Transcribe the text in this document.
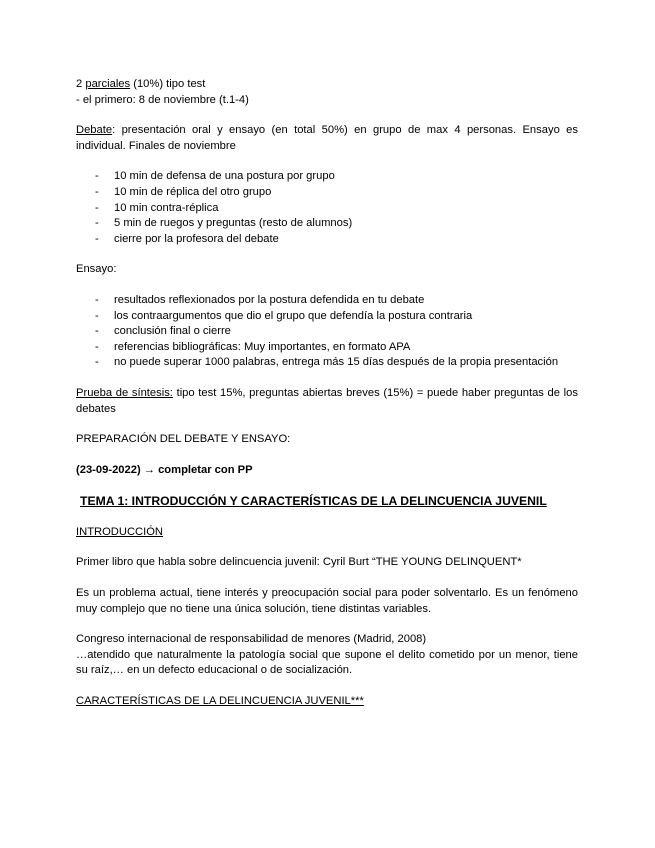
2 parciales (10%) tipo test

- el primero: 8 de noviembre (t.1-4)

Debate: presentación oral y ensayo (en total 50%) en grupo de max 4 personas. Ensayo es individual. Finales de noviembre

- 10 min de defensa de una postura por grupo
- 10 min de réplica del otro grupo
- 10 min contra-réplica
- 5 min de ruegos y preguntas (resto de alumnos)
- cierre por la profesora del debate

Ensayo:

- resultados reflexionados por la postura defendida en tu debate
- los contraargumentos que dio el grupo que defendía la postura contraria
- conclusión final o cierre
- referencias bibliográficas: Muy importantes, en formato APA
- no puede superar 1000 palabras, entrega más 15 días después de la propia presentación

Prueba de síntesis: tipo test 15%, preguntas abiertas breves (15%) = puede haber preguntas de los debates

PREPARACIÓN DEL DEBATE Y ENSAYO:

(23-09-2022) → completar con PP

TEMA 1: INTRODUCCIÓN Y CARACTERÍSTICAS DE LA DELINCUENCIA JUVENIL

INTRODUCCIÓN

Primer libro que habla sobre delincuencia juvenil: Cyril Burt “THE YOUNG DELINQUENT*

Es un problema actual, tiene interés y preocupación social para poder solventarlo. Es un fenómeno muy complejo que no tiene una única solución, tiene distintas variables.

Congreso internacional de responsabilidad de menores (Madrid, 2008)

…atendido que naturalmente la patología social que supone el delito cometido por un menor, tiene su raíz,… en un defecto educacional o de socialización.

CARACTERÍSTICAS DE LA DELINCUENCIA JUVENIL***
